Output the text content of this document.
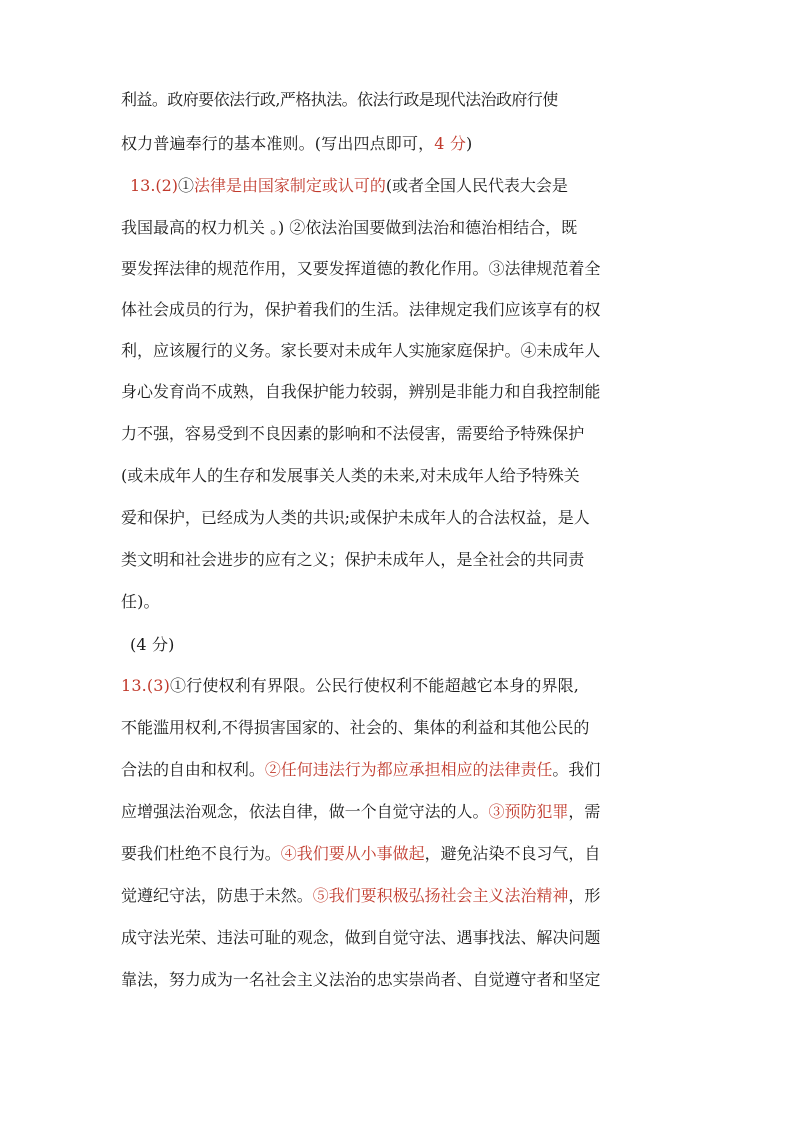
利益。政府要依法行政,严格执法。依法行政是现代法治政府行使
权力普遍奉行的基本准则。(写出四点即可，4 分)
13.(2)①法律是由国家制定或认可的(或者全国人民代表大会是
我国最高的权力机关 。) ②依法治国要做到法治和德治相结合，既
要发挥法律的规范作用，又要发挥道德的教化作用。③法律规范着全
体社会成员的行为，保护着我们的生活。法律规定我们应该享有的权
利，应该履行的义务。家长要对未成年人实施家庭保护。④未成年人
身心发育尚不成熟，自我保护能力较弱，辨别是非能力和自我控制能
力不强，容易受到不良因素的影响和不法侵害，需要给予特殊保护
(或未成年人的生存和发展事关人类的未来,对未成年人给予特殊关
爱和保护，已经成为人类的共识;或保护未成年人的合法权益，是人
类文明和社会进步的应有之义；保护未成年人，是全社会的共同责
任)。
(4 分)
13.(3)①行使权利有界限。公民行使权利不能超越它本身的界限,
不能滥用权利,不得损害国家的、社会的、集体的利益和其他公民的
合法的自由和权利。②任何违法行为都应承担相应的法律责任。我们
应增强法治观念，依法自律，做一个自觉守法的人。③预防犯罪，需
要我们杜绝不良行为。④我们要从小事做起，避免沾染不良习气，自
觉遵纪守法，防患于未然。⑤我们要积极弘扬社会主义法治精神，形
成守法光荣、违法可耻的观念，做到自觉守法、遇事找法、解决问题
靠法，努力成为一名社会主义法治的忠实崇尚者、自觉遵守者和坚定
